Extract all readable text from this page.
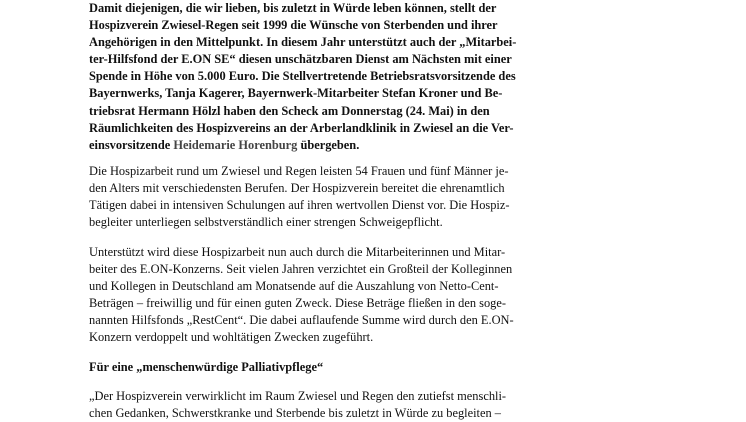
Damit diejenigen, die wir lieben, bis zuletzt in Würde leben können, stellt der
Hospizverein Zwiesel-Regen seit 1999 die Wünsche von Sterbenden und ihrer
Angehörigen in den Mittelpunkt. In diesem Jahr unterstützt auch der „Mitarbei-
ter-Hilfsfond der E.ON SE“ diesen unschätzbaren Dienst am Nächsten mit einer
Spende in Höhe von 5.000 Euro. Die Stellvertretende Betriebsratsvorsitzende des
Bayernwerks, Tanja Kagerer, Bayernwerk-Mitarbeiter Stefan Kroner und Be-
triebsrat Hermann Hölzl haben den Scheck am Donnerstag (24. Mai) in den
Räumlichkeiten des Hospizvereins an der Arberlandklinik in Zwiesel an die Ver-
einsvorsitzende Heidemarie Horenburg übergeben.

Die Hospizarbeit rund um Zwiesel und Regen leisten 54 Frauen und fünf Männer je-
den Alters mit verschiedensten Berufen. Der Hospizverein bereitet die ehrenamtlich
Tätigen dabei in intensiven Schulungen auf ihren wertvollen Dienst vor. Die Hospiz-
begleiter unterliegen selbstverständlich einer strengen Schweigepflicht.

Unterstützt wird diese Hospizarbeit nun auch durch die Mitarbeiterinnen und Mitar-
beiter des E.ON-Konzerns. Seit vielen Jahren verzichtet ein Großteil der Kolleginnen
und Kollegen in Deutschland am Monatsende auf die Auszahlung von Netto-Cent-
Beträgen – freiwillig und für einen guten Zweck. Diese Beträge fließen in den soge-
nannten Hilfsfonds „RestCent“. Die dabei auflaufende Summe wird durch den E.ON-
Konzern verdoppelt und wohltätigen Zwecken zugeführt.

Für eine „menschenwürdige Palliativpflege“

„Der Hospizverein verwirklicht im Raum Zwiesel und Regen den zutiefst menschli-
chen Gedanken, Schwerstkranke und Sterbende bis zuletzt in Würde zu begleiten –
